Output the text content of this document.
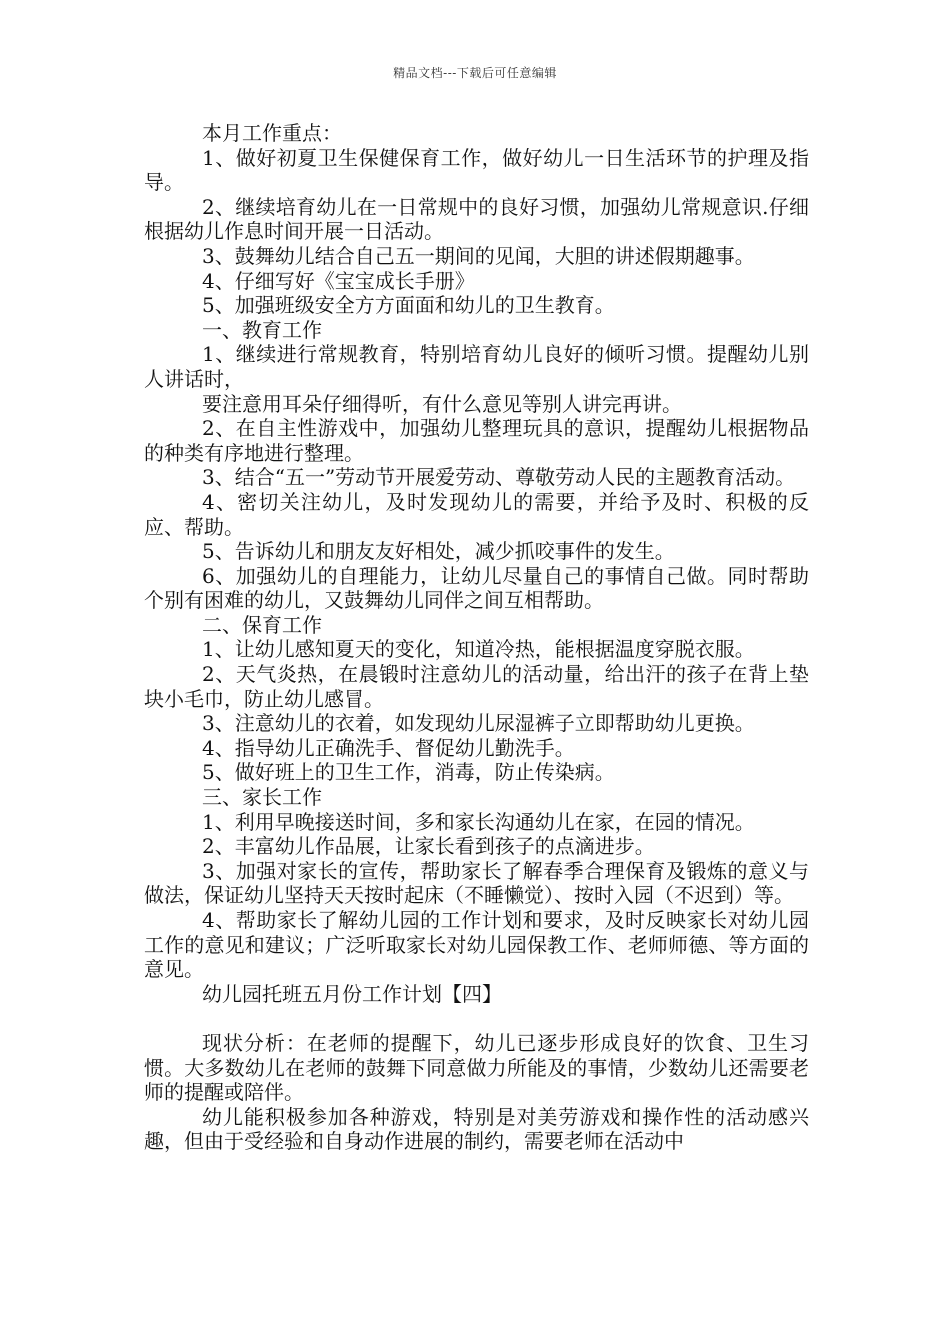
精品文档---下载后可任意编辑

本月工作重点：

1、做好初夏卫生保健保育工作，做好幼儿一日生活环节的护理及指导。

2、继续培育幼儿在一日常规中的良好习惯，加强幼儿常规意识.仔细根据幼儿作息时间开展一日活动。

3、鼓舞幼儿结合自己五一期间的见闻，大胆的讲述假期趣事。

4、仔细写好《宝宝成长手册》

5、加强班级安全方方面面和幼儿的卫生教育。

一、教育工作

1、继续进行常规教育，特别培育幼儿良好的倾听习惯。提醒幼儿别人讲话时，

要注意用耳朵仔细得听，有什么意见等别人讲完再讲。

2、在自主性游戏中，加强幼儿整理玩具的意识，提醒幼儿根据物品的种类有序地进行整理。

3、结合“五一”劳动节开展爱劳动、尊敬劳动人民的主题教育活动。

4、密切关注幼儿，及时发现幼儿的需要，并给予及时、积极的反应、帮助。

5、告诉幼儿和朋友友好相处，减少抓咬事件的发生。

6、加强幼儿的自理能力，让幼儿尽量自己的事情自己做。同时帮助个别有困难的幼儿，又鼓舞幼儿同伴之间互相帮助。

二、保育工作

1、让幼儿感知夏天的变化，知道冷热，能根据温度穿脱衣服。

2、天气炎热，在晨锻时注意幼儿的活动量，给出汗的孩子在背上垫块小毛巾，防止幼儿感冒。

3、注意幼儿的衣着，如发现幼儿尿湿裤子立即帮助幼儿更换。

4、指导幼儿正确洗手、督促幼儿勤洗手。

5、做好班上的卫生工作，消毒，防止传染病。

三、家长工作

1、利用早晚接送时间，多和家长沟通幼儿在家，在园的情况。

2、丰富幼儿作品展，让家长看到孩子的点滴进步。

3、加强对家长的宣传，帮助家长了解春季合理保育及锻炼的意义与做法，保证幼儿坚持天天按时起床（不睡懒觉）、按时入园（不迟到）等。

4、帮助家长了解幼儿园的工作计划和要求，及时反映家长对幼儿园工作的意见和建议；广泛听取家长对幼儿园保教工作、老师师德、等方面的意见。

幼儿园托班五月份工作计划【四】

现状分析：在老师的提醒下，幼儿已逐步形成良好的饮食、卫生习惯。大多数幼儿在老师的鼓舞下同意做力所能及的事情，少数幼儿还需要老师的提醒或陪伴。

幼儿能积极参加各种游戏，特别是对美劳游戏和操作性的活动感兴趣，但由于受经验和自身动作进展的制约，需要老师在活动中
